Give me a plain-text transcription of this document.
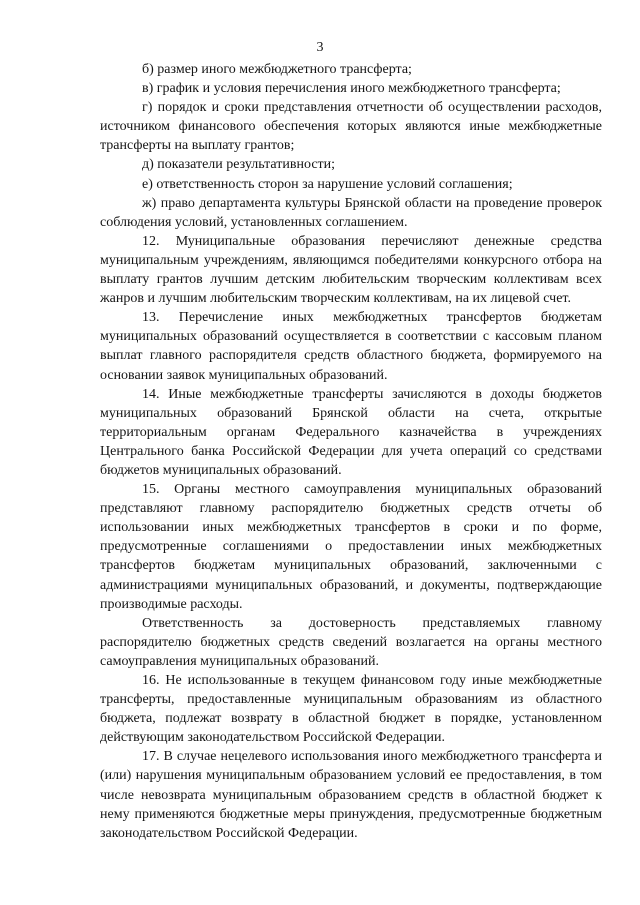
3

б) размер иного межбюджетного трансферта;

в) график и условия перечисления иного межбюджетного трансферта;

г) порядок и сроки представления отчетности об осуществлении расходов, источником финансового обеспечения которых являются иные межбюджетные трансферты на выплату грантов;

д) показатели результативности;

е) ответственность сторон за нарушение условий соглашения;

ж) право департамента культуры Брянской области на проведение проверок соблюдения условий, установленных соглашением.

12. Муниципальные образования перечисляют денежные средства муниципальным учреждениям, являющимся победителями конкурсного отбора на выплату грантов лучшим детским любительским творческим коллективам всех жанров и лучшим любительским творческим коллективам, на их лицевой счет.

13. Перечисление иных межбюджетных трансфертов бюджетам муниципальных образований осуществляется в соответствии с кассовым планом выплат главного распорядителя средств областного бюджета, формируемого на основании заявок муниципальных образований.

14. Иные межбюджетные трансферты зачисляются в доходы бюджетов муниципальных образований Брянской области на счета, открытые территориальным органам Федерального казначейства в учреждениях Центрального банка Российской Федерации для учета операций со средствами бюджетов муниципальных образований.

15. Органы местного самоуправления муниципальных образований представляют главному распорядителю бюджетных средств отчеты об использовании иных межбюджетных трансфертов в сроки и по форме, предусмотренные соглашениями о предоставлении иных межбюджетных трансфертов бюджетам муниципальных образований, заключенными с администрациями муниципальных образований, и документы, подтверждающие производимые расходы.

Ответственность за достоверность представляемых главному распорядителю бюджетных средств сведений возлагается на органы местного самоуправления муниципальных образований.

16. Не использованные в текущем финансовом году иные межбюджетные трансферты, предоставленные муниципальным образованиям из областного бюджета, подлежат возврату в областной бюджет в порядке, установленном действующим законодательством Российской Федерации.

17. В случае нецелевого использования иного межбюджетного трансферта и (или) нарушения муниципальным образованием условий ее предоставления, в том числе невозврата муниципальным образованием средств в областной бюджет к нему применяются бюджетные меры принуждения, предусмотренные бюджетным законодательством Российской Федерации.
